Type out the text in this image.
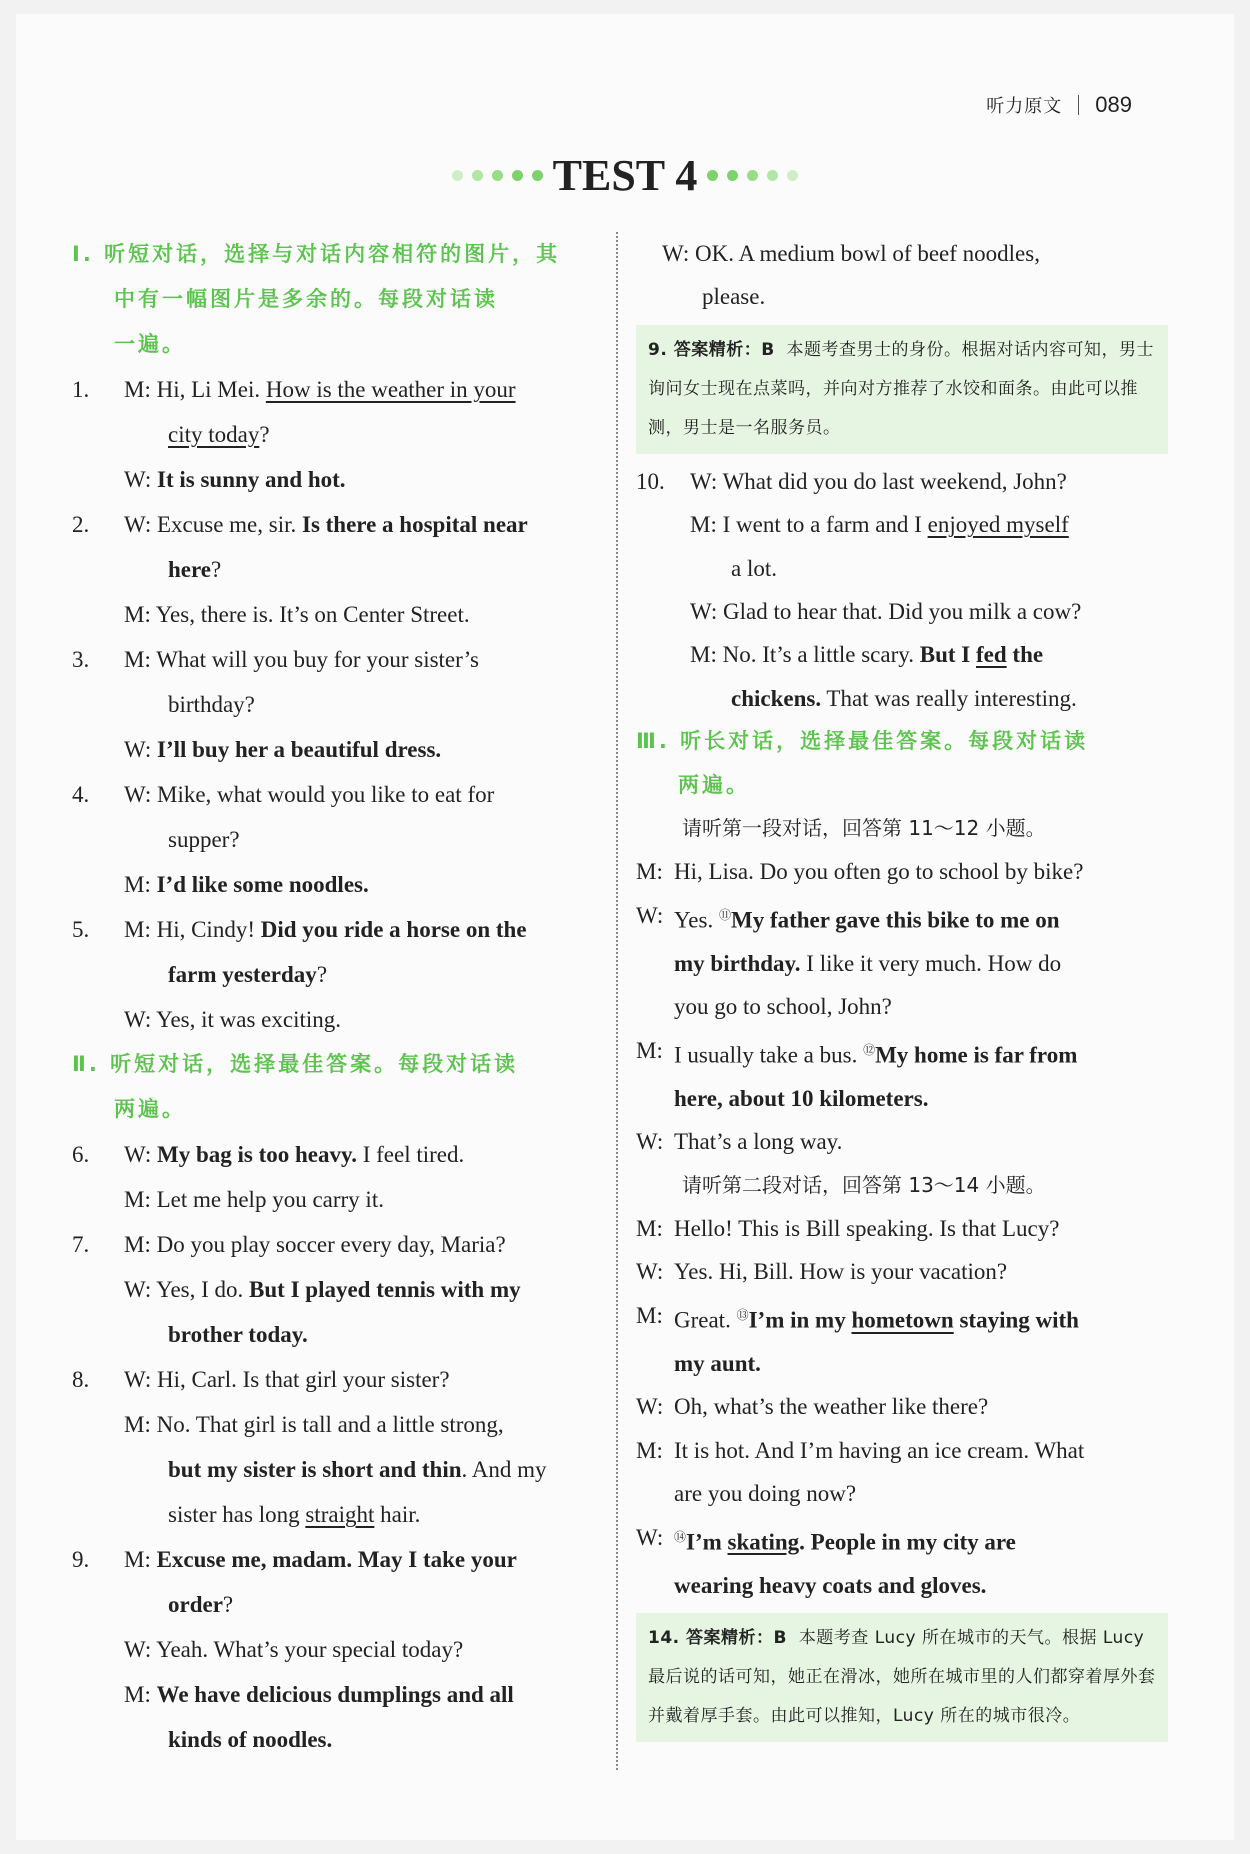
听力原文 089
TEST 4
Ⅰ. 听短对话，选择与对话内容相符的图片，其
中有一幅图片是多余的。每段对话读
一遍。
1.	M: Hi, Li Mei. How is the weather in your
city today?
W: It is sunny and hot.
2.	W: Excuse me, sir. Is there a hospital near
here?
M: Yes, there is. It’s on Center Street.
3.	M: What will you buy for your sister’s
birthday?
W: I’ll buy her a beautiful dress.
4.	W: Mike, what would you like to eat for
supper?
M: I’d like some noodles.
5.	M: Hi, Cindy! Did you ride a horse on the
farm yesterday?
W: Yes, it was exciting.
Ⅱ. 听短对话，选择最佳答案。每段对话读
两遍。
6.	W: My bag is too heavy. I feel tired.
M: Let me help you carry it.
7.	M: Do you play soccer every day, Maria?
W: Yes, I do. But I played tennis with my
brother today.
8.	W: Hi, Carl. Is that girl your sister?
M: No. That girl is tall and a little strong,
but my sister is short and thin. And my
sister has long straight hair.
9.	M: Excuse me, madam. May I take your
order?
W: Yeah. What’s your special today?
M: We have delicious dumplings and all
kinds of noodles.
W: OK. A medium bowl of beef noodles,
please.
9. 答案精析：B 本题考查男士的身份。根据对话内容可知，男士询问女士现在点菜吗，并向对方推荐了水饺和面条。由此可以推测，男士是一名服务员。
10.	W: What did you do last weekend, John?
M: I went to a farm and I enjoyed myself
a lot.
W: Glad to hear that. Did you milk a cow?
M: No. It’s a little scary. But I fed the
chickens. That was really interesting.
Ⅲ. 听长对话，选择最佳答案。每段对话读
两遍。
请听第一段对话，回答第 11～12 小题。
M: Hi, Lisa. Do you often go to school by bike?
W: Yes. ⑪My father gave this bike to me on
my birthday. I like it very much. How do
you go to school, John?
M: I usually take a bus. ⑫My home is far from
here, about 10 kilometers.
W: That’s a long way.
请听第二段对话，回答第 13～14 小题。
M: Hello! This is Bill speaking. Is that Lucy?
W: Yes. Hi, Bill. How is your vacation?
M: Great. ⑬I’m in my hometown staying with
my aunt.
W: Oh, what’s the weather like there?
M: It is hot. And I’m having an ice cream. What
are you doing now?
W: ⑭I’m skating. People in my city are
wearing heavy coats and gloves.
14. 答案精析：B 本题考查 Lucy 所在城市的天气。根据 Lucy 最后说的话可知，她正在滑冰，她所在城市里的人们都穿着厚外套并戴着厚手套。由此可以推知，Lucy 所在的城市很冷。
